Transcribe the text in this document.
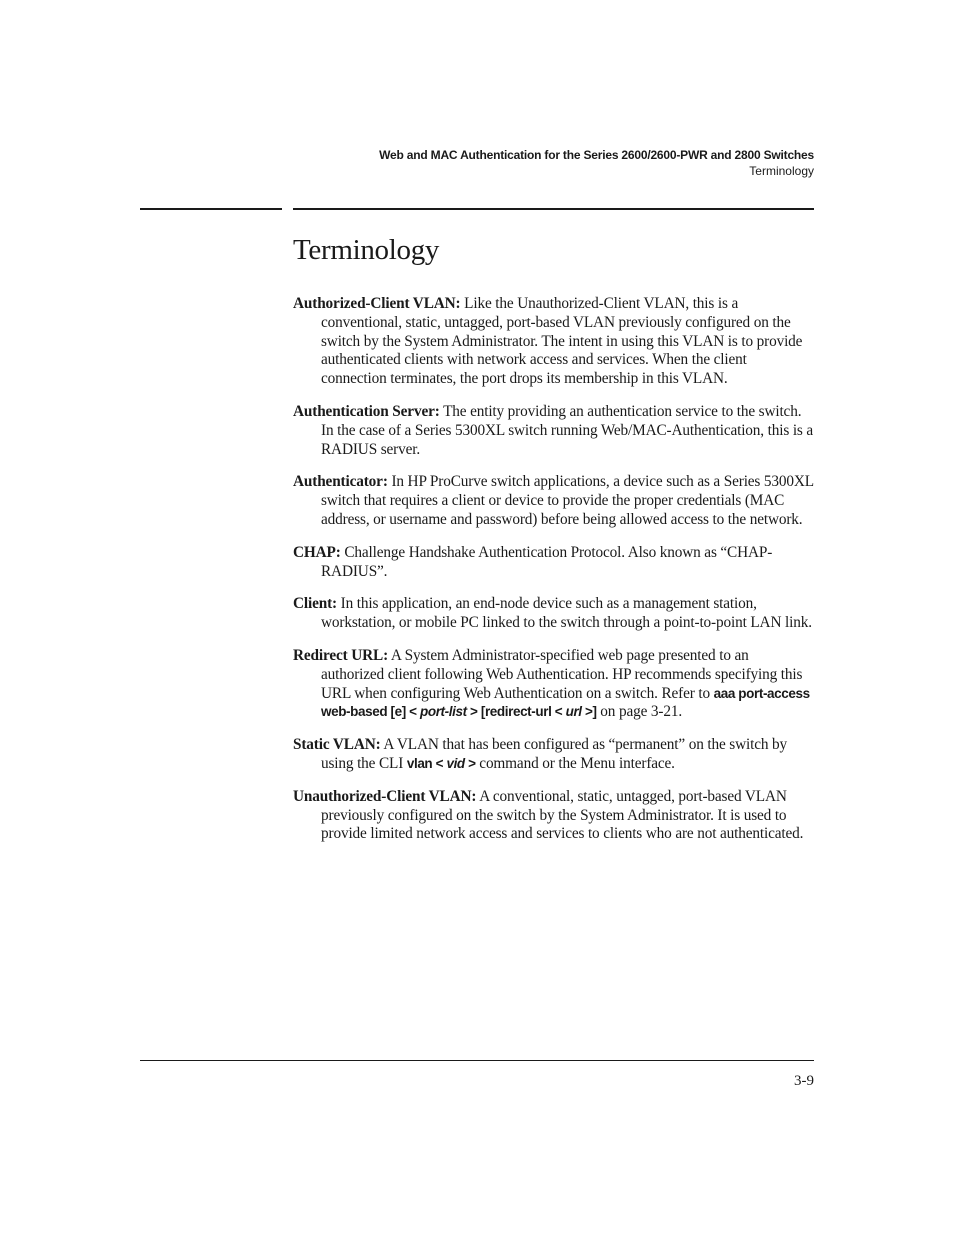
Web and MAC Authentication for the Series 2600/2600-PWR and 2800 Switches
Terminology
Terminology

Authorized-Client VLAN: Like the Unauthorized-Client VLAN, this is a conventional, static, untagged, port-based VLAN previously configured on the switch by the System Administrator. The intent in using this VLAN is to provide authenticated clients with network access and services. When the client connection terminates, the port drops its membership in this VLAN.

Authentication Server: The entity providing an authentication service to the switch. In the case of a Series 5300XL switch running Web/MAC-Authentication, this is a RADIUS server.

Authenticator: In HP ProCurve switch applications, a device such as a Series 5300XL switch that requires a client or device to provide the proper credentials (MAC address, or username and password) before being allowed access to the network.

CHAP: Challenge Handshake Authentication Protocol. Also known as “CHAP-RADIUS”.

Client: In this application, an end-node device such as a management station, workstation, or mobile PC linked to the switch through a point-to-point LAN link.

Redirect URL: A System Administrator-specified web page presented to an authorized client following Web Authentication. HP recommends specifying this URL when configuring Web Authentication on a switch. Refer to aaa port-access web-based [e] < port-list > [redirect-url < url >] on page 3-21.

Static VLAN: A VLAN that has been configured as “permanent” on the switch by using the CLI vlan < vid > command or the Menu interface.

Unauthorized-Client VLAN: A conventional, static, untagged, port-based VLAN previously configured on the switch by the System Administrator. It is used to provide limited network access and services to clients who are not authenticated.

3-9
